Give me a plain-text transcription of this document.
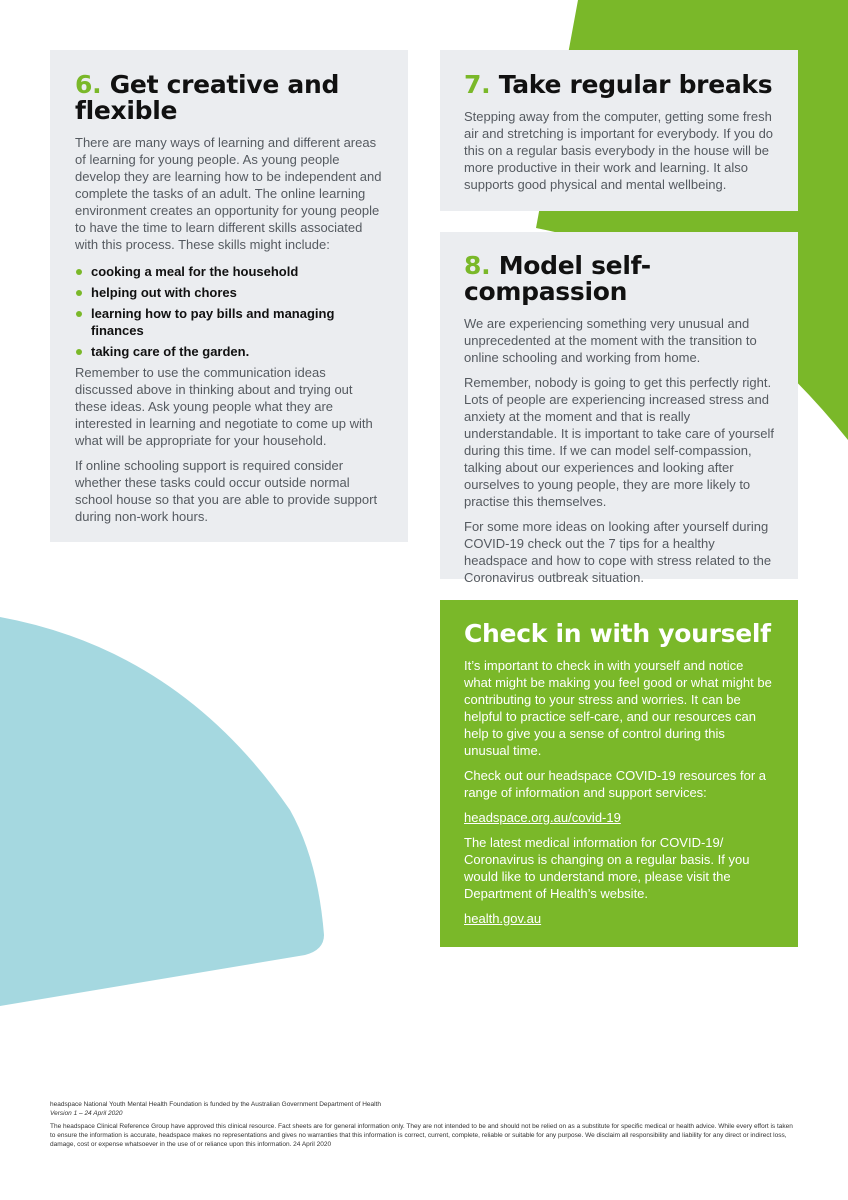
6. Get creative and flexible

There are many ways of learning and different areas of learning for young people. As young people develop they are learning how to be independent and complete the tasks of an adult. The online learning environment creates an opportunity for young people to have the time to learn different skills associated with this process. These skills might include:

cooking a meal for the household
helping out with chores
learning how to pay bills and managing finances
taking care of the garden.

Remember to use the communication ideas discussed above in thinking about and trying out these ideas. Ask young people what they are interested in learning and negotiate to come up with what will be appropriate for your household.

If online schooling support is required consider whether these tasks could occur outside normal school house so that you are able to provide support during non-work hours.

7. Take regular breaks

Stepping away from the computer, getting some fresh air and stretching is important for everybody. If you do this on a regular basis everybody in the house will be more productive in their work and learning. It also supports good physical and mental wellbeing.

8. Model self-compassion

We are experiencing something very unusual and unprecedented at the moment with the transition to online schooling and working from home.

Remember, nobody is going to get this perfectly right. Lots of people are experiencing increased stress and anxiety at the moment and that is really understandable. It is important to take care of yourself during this time. If we can model self-compassion, talking about our experiences and looking after ourselves to young people, they are more likely to practise this themselves.

For some more ideas on looking after yourself during COVID-19 check out the 7 tips for a healthy headspace and how to cope with stress related to the Coronavirus outbreak situation.

Check in with yourself

It’s important to check in with yourself and notice what might be making you feel good or what might be contributing to your stress and worries. It can be helpful to practice self-care, and our resources can help to give you a sense of control during this unusual time.

Check out our headspace COVID-19 resources for a range of information and support services:

headspace.org.au/covid-19

The latest medical information for COVID-19/ Coronavirus is changing on a regular basis. If you would like to understand more, please visit the Department of Health’s website.

health.gov.au

headspace National Youth Mental Health Foundation is funded by the Australian Government Department of Health
Version 1 – 24 April 2020
The headspace Clinical Reference Group have approved this clinical resource. Fact sheets are for general information only. They are not intended to be and should not be relied on as a substitute for specific medical or health advice. While every effort is taken to ensure the information is accurate, headspace makes no representations and gives no warranties that this information is correct, current, complete, reliable or suitable for any purpose. We disclaim all responsibility and liability for any direct or indirect loss, damage, cost or expense whatsoever in the use of or reliance upon this information. 24 April 2020
